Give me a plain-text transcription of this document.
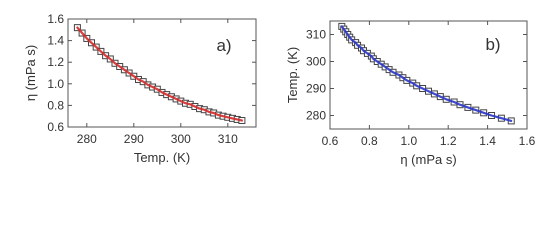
280 290 300 310
0.6
0.8
1.0
1.2
1.4
1.6
Temp. (K)
η (mPa s)	a)
0.6 0.8 1.0 1.2 1.4 1.6
280
290
300
310
η (mPa s)
Temp. (K)
b)
